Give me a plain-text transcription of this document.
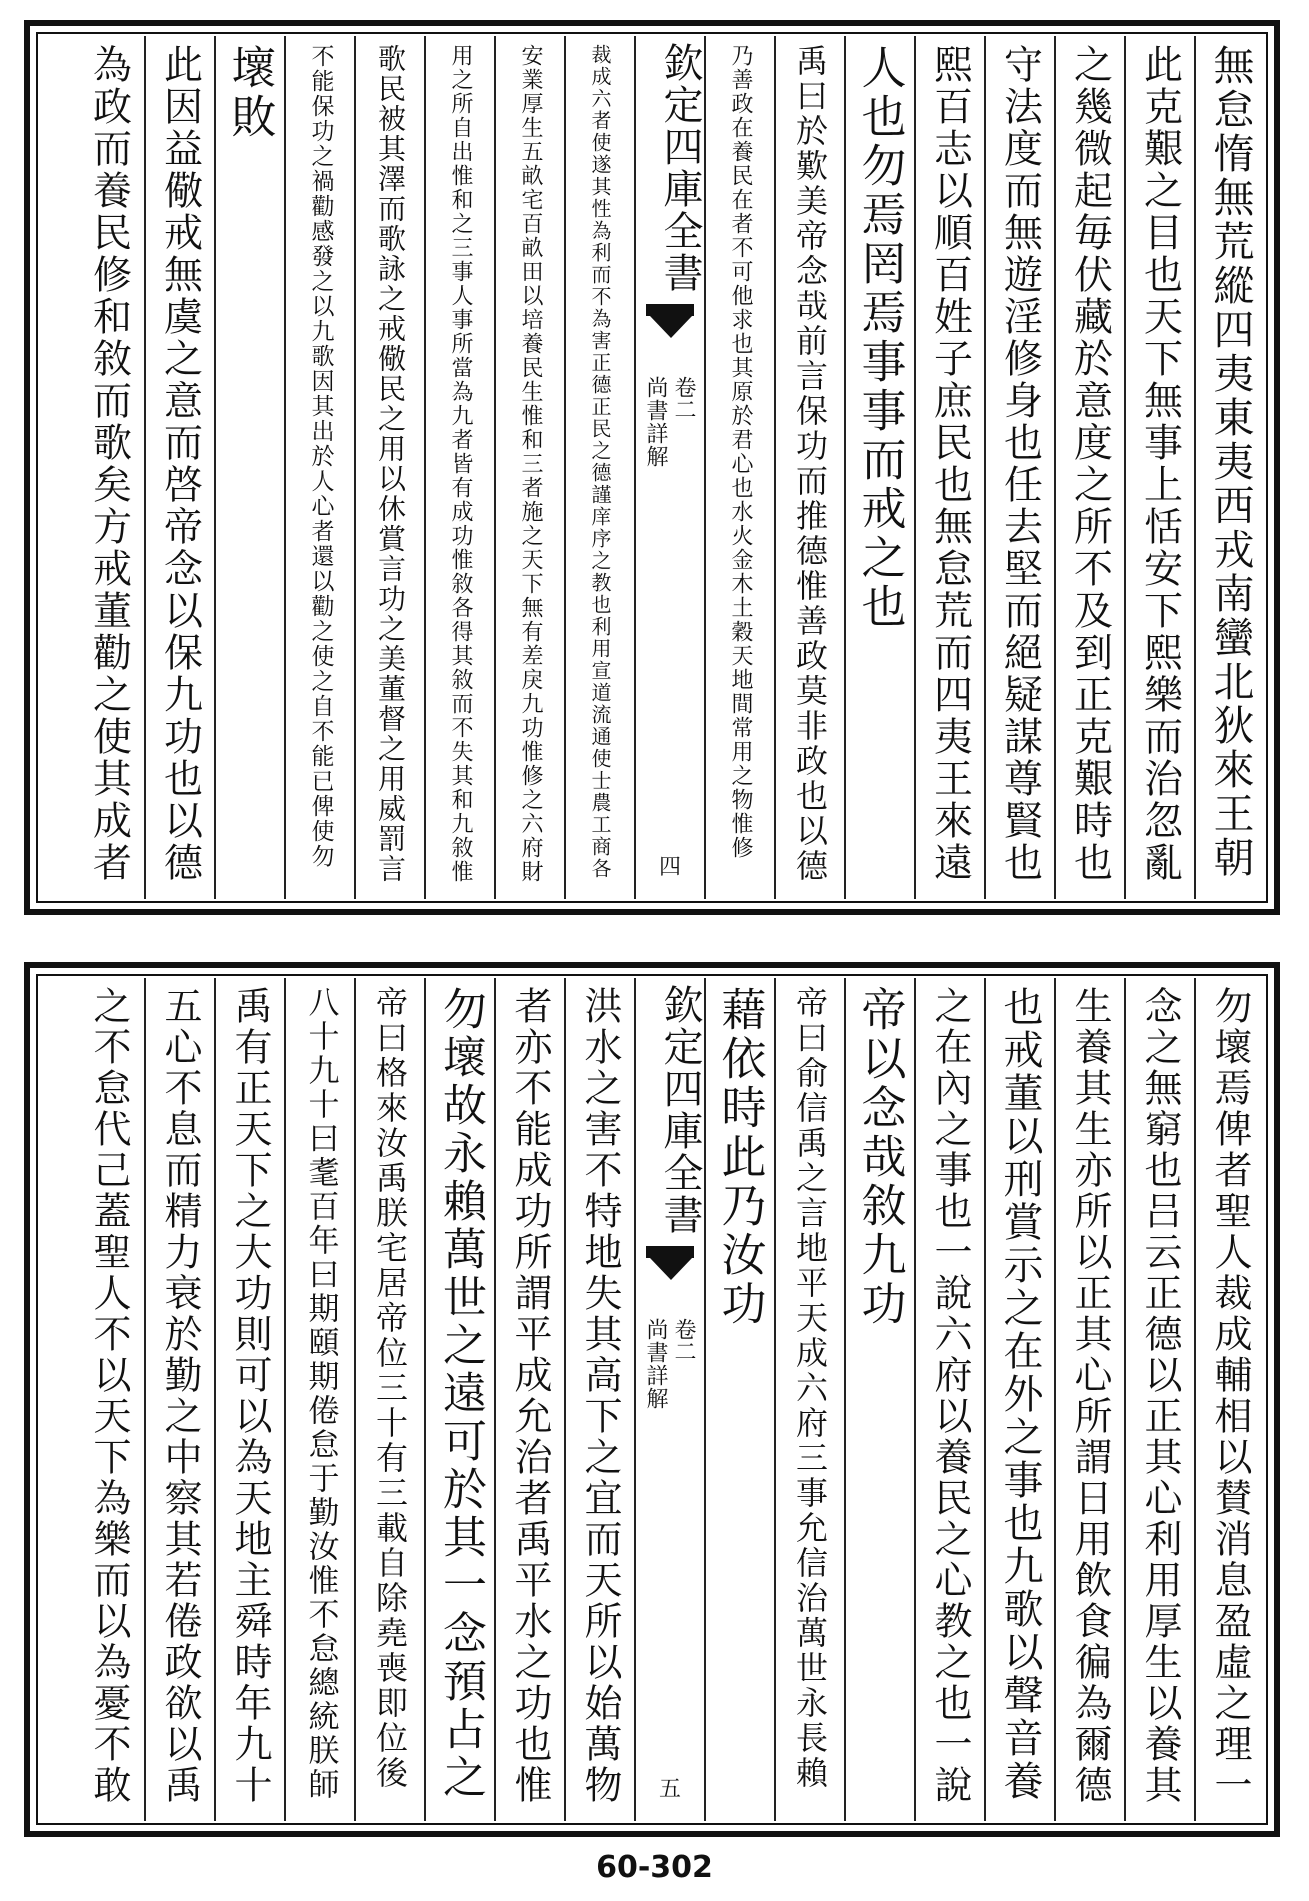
無怠惰無荒縱四夷東夷西戎南蠻北狄來王朝
此克艱之目也天下無事上恬安下熙樂而治忽亂
之幾微起毎伏藏於意度之所不及到正克艱時也
守法度而無遊淫修身也任去堅而絕疑謀尊賢也
熙百志以順百姓子庶民也無怠荒而四夷王來遠
人也勿焉罔焉事事而戒之也
禹曰於歎美帝念哉前言保功而推德惟善政莫非政也以德
乃善政在養民在者不可他求也其原於君心也水火金木土穀天地間常用之物惟修
欽定四庫全書
尚書詳解 卷二
四
裁成六者使遂其性為利而不為害正德正民之德謹庠序之教也利用宣道流通使士農工商各
安業厚生五畝宅百畝田以培養民生惟和三者施之天下無有差戾九功惟修之六府財
用之所自出惟和之三事人事所當為九者皆有成功惟敘各得其敘而不失其和九敘惟
歌民被其澤而歌詠之戒儆民之用以休賞言功之美董督之用威罰言
不能保功之禍勸感發之以九歌因其出於人心者還以勸之使之自不能已俾使勿
壞敗
此因益儆戒無虞之意而啓帝念以保九功也以德
為政而養民修和敘而歌矣方戒董勸之使其成者
勿壞焉俾者聖人裁成輔相以賛消息盈虛之理一
念之無窮也吕云正德以正其心利用厚生以養其
生養其生亦所以正其心所謂日用飲食徧為爾德
也戒董以刑賞示之在外之事也九歌以聲音養
之在內之事也一說六府以養民之心教之也一說
帝以念哉敘九功
帝曰俞信禹之言地平天成六府三事允信治萬世永長賴
藉依時此乃汝功
欽定四庫全書
尚書詳解 卷二
五
洪水之害不特地失其高下之宜而天所以始萬物
者亦不能成功所謂平成允治者禹平水之功也惟
勿壞故永賴萬世之遠可於其一念預占之
帝曰格來汝禹朕宅居帝位三十有三載自除堯喪即位後
八十九十曰耄百年曰期頤期倦怠于勤汝惟不怠總統朕師
禹有正天下之大功則可以為天地主舜時年九十
五心不息而精力衰於勤之中察其若倦政欲以禹
之不怠代己蓋聖人不以天下為樂而以為憂不敢
60-302
